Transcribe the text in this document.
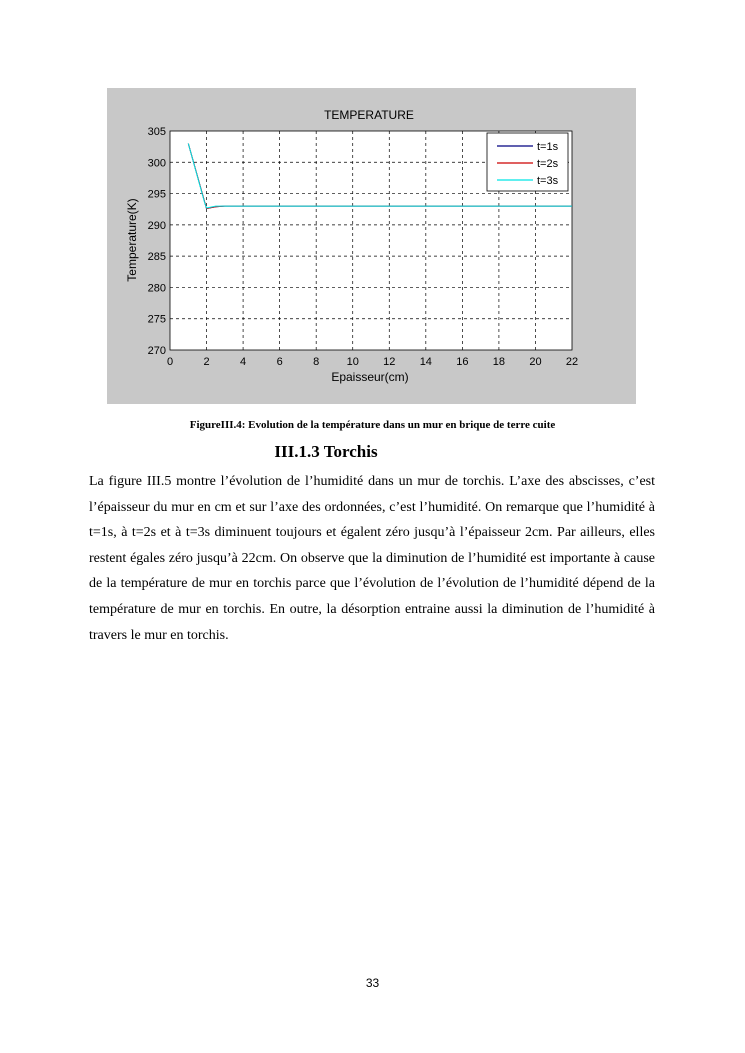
TEMPERATURE
0	2	4	6	8 10 12 14 16 18 20 22
270
275
280
285
290
295
300
305
Epaisseur(cm)
Temperature(K)
t=1s
t=2s
t=3s
FigureIII.4: Evolution de la température dans un mur en brique de terre cuite
III.1.3 Torchis

La figure III.5 montre l’évolution de l’humidité dans un mur de torchis. L’axe des abscisses, c’est l’épaisseur du mur en cm et sur l’axe des ordonnées, c’est l’humidité. On remarque que l’humidité à t=1s, à t=2s et à t=3s diminuent toujours et égalent zéro jusqu’à l’épaisseur 2cm. Par ailleurs, elles restent égales zéro jusqu’à 22cm. On observe que la diminution de l’humidité est importante à cause de la température de mur en torchis parce que l’évolution de l’évolution de l’humidité dépend de la température de mur en torchis. En outre, la désorption entraine aussi la diminution de l’humidité à travers le mur en torchis.

33
